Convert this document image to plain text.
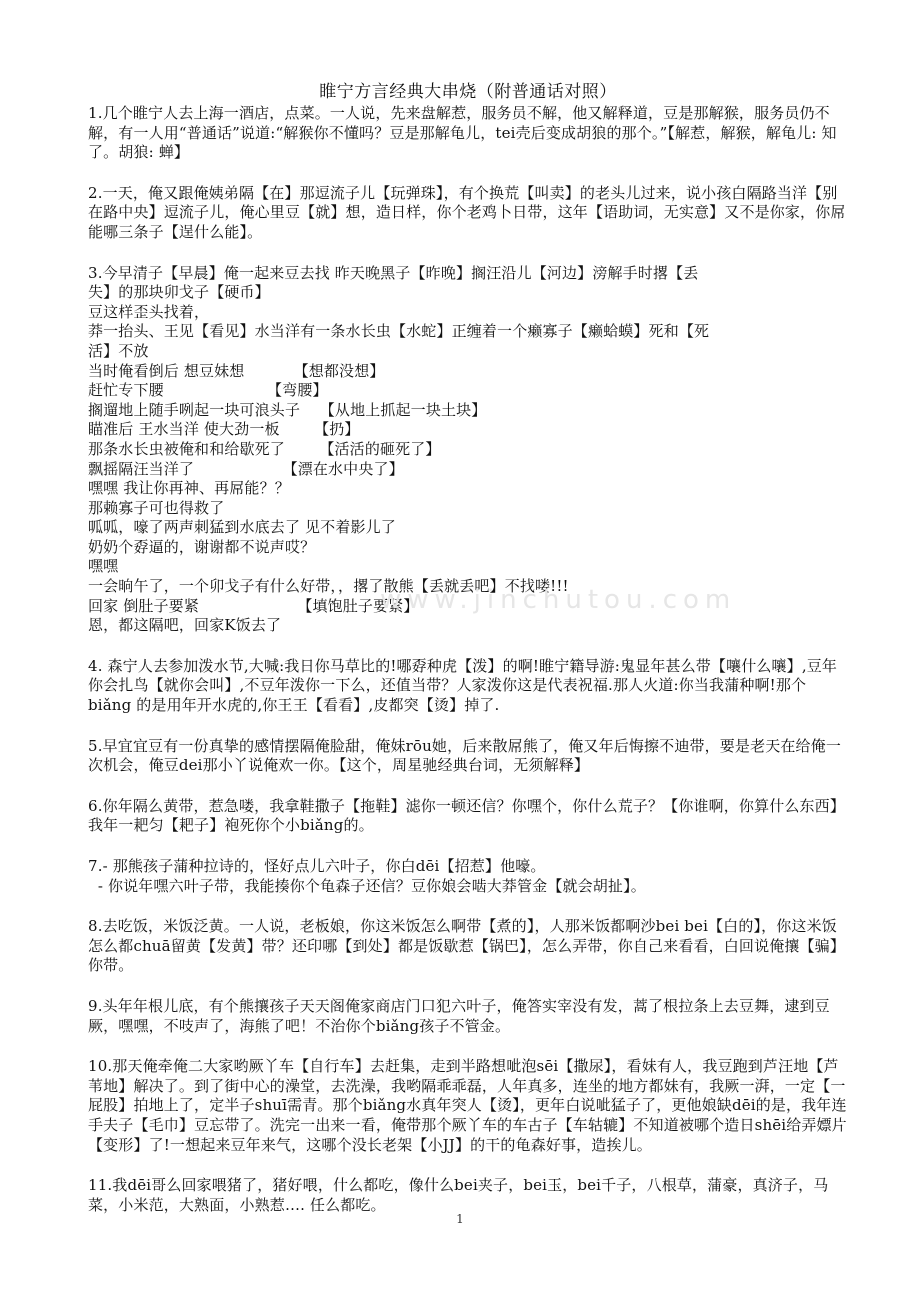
睢宁方言经典大串烧（附普通话对照）

1.几个睢宁人去上海一酒店，点菜。一人说，先来盘解惹，服务员不解，他又解释道，豆是那解猴，服务员仍不解，有一人用“普通话”说道:“解猴你不懂吗？豆是那解龟儿，tei壳后变成胡狼的那个。”【解惹，解猴，解龟儿: 知了。胡狼: 蝉】

2.一天，俺又跟俺姨弟隔【在】那逗流子儿【玩弹珠】，有个换荒【叫卖】的老头儿过来，说小孩白隔路当洋【别在路中央】逗流子儿，俺心里豆【就】想，造日样，你个老鸡卜日带，这年【语助词，无实意】又不是你家，你屌能哪三条子【逞什么能】。

3.今早清子【早晨】俺一起来豆去找 昨天晚黑子【昨晚】搁汪沿儿【河边】滂解手时撂【丢
失】的那块卯戈子【硬币】
豆这样歪头找着，
莽一抬头、王见【看见】水当洋有一条水长虫【水蛇】正缠着一个癞寡子【癞蛤蟆】死和【死
活】不放
当时俺看倒后 想豆妹想          【想都没想】
赶忙专下腰                     【弯腰】
搁遛地上随手咧起一块可浪头子    【从地上抓起一块土块】
瞄准后 王水当洋 使大劲一板       【扔】
那条水长虫被俺和和给歇死了       【活活的砸死了】
飘摇隔汪当洋了                  【漂在水中央了】
嘿嘿 我让你再神、再屌能？？
那赖寡子可也得救了
呱呱，嚎了两声刺猛到水底去了 见不着影儿了
奶奶个孬逼的，谢谢都不说声哎？
嘿嘿
一会晌午了，一个卯戈子有什么好带，，撂了散熊【丢就丢吧】不找喽!!!
回家 倒肚子要紧                    【填饱肚子要紧】
恩，都这隔吧，回家K饭去了

4. 森宁人去参加泼水节,大喊:我日你马草比的!哪孬种虎【泼】的啊!睢宁籍导游:鬼显年甚么带【嚷什么嚷】,豆年你会扎鸟【就你会叫】,不豆年泼你一下么，还值当带？人家泼你这是代表祝福.那人火道:你当我蒲种啊!那个biǎng 的是用年开水虎的,你王王【看看】,皮都突【烫】掉了.

5.早宜宜豆有一份真挚的感情摆隔俺脸甜，俺妹rōu她，后来散屌熊了，俺又年后悔擦不迪带，要是老天在给俺一次机会，俺豆dei那小丫说俺欢一你。【这个，周星驰经典台词，无须解释】

6.你年隔么黄带，惹急喽，我拿鞋撒子【拖鞋】滤你一顿还信？你嘿个，你什么荒子？【你谁啊，你算什么东西】我年一耙匀【耙子】袍死你个小biǎng的。

7.- 那熊孩子蒲种拉诗的，怪好点儿六叶子，你白dēi【招惹】他嚎。
- 你说年嘿六叶子带，我能揍你个龟森子还信？豆你娘会啮大莽管金【就会胡扯】。

8.去吃饭，米饭泛黄。一人说，老板娘，你这米饭怎么啊带【煮的】，人那米饭都啊沙bei bei【白的】，你这米饭怎么都chuā留黄【发黄】带？还印哪【到处】都是饭歇惹【锅巴】，怎么弄带，你自己来看看，白回说俺攘【骗】你带。

9.头年年根儿底，有个熊攘孩子天天阁俺家商店门口犯六叶子，俺答实宰没有发，蒿了根拉条上去豆舞，逮到豆厥，嘿嘿，不吱声了，海熊了吧！不治你个biǎng孩子不管金。

10.那天俺牵俺二大家哟厥丫车【自行车】去赶集，走到半路想呲泡sēi【撒尿】，看妹有人，我豆跑到芦汪地【芦苇地】解决了。到了街中心的澡堂，去洗澡，我哟隔乖乖磊，人年真多，连坐的地方都妹有，我厥一湃，一定【一屁股】拍地上了，定半子shuī需青。那个biǎng水真年突人【烫】，更年白说呲猛子了，更他娘缺dēi的是，我年连手夫子【毛巾】豆忘带了。洗完一出来一看，俺带那个厥丫车的车古子【车轱辘】不知道被哪个造日shēi给弄嫖片【变形】了!一想起来豆年来气，这哪个没长老架【小JJ】的干的龟森好事，造挨儿。

11.我dēi哥么回家喂猪了，猪好喂，什么都吃，像什么bei夹子，bei玉，bei千子，八根草，蒲豪，真济子，马菜，小米范，大熟面，小熟惹…. 任么都吃。

www.jinchutou.com
1
